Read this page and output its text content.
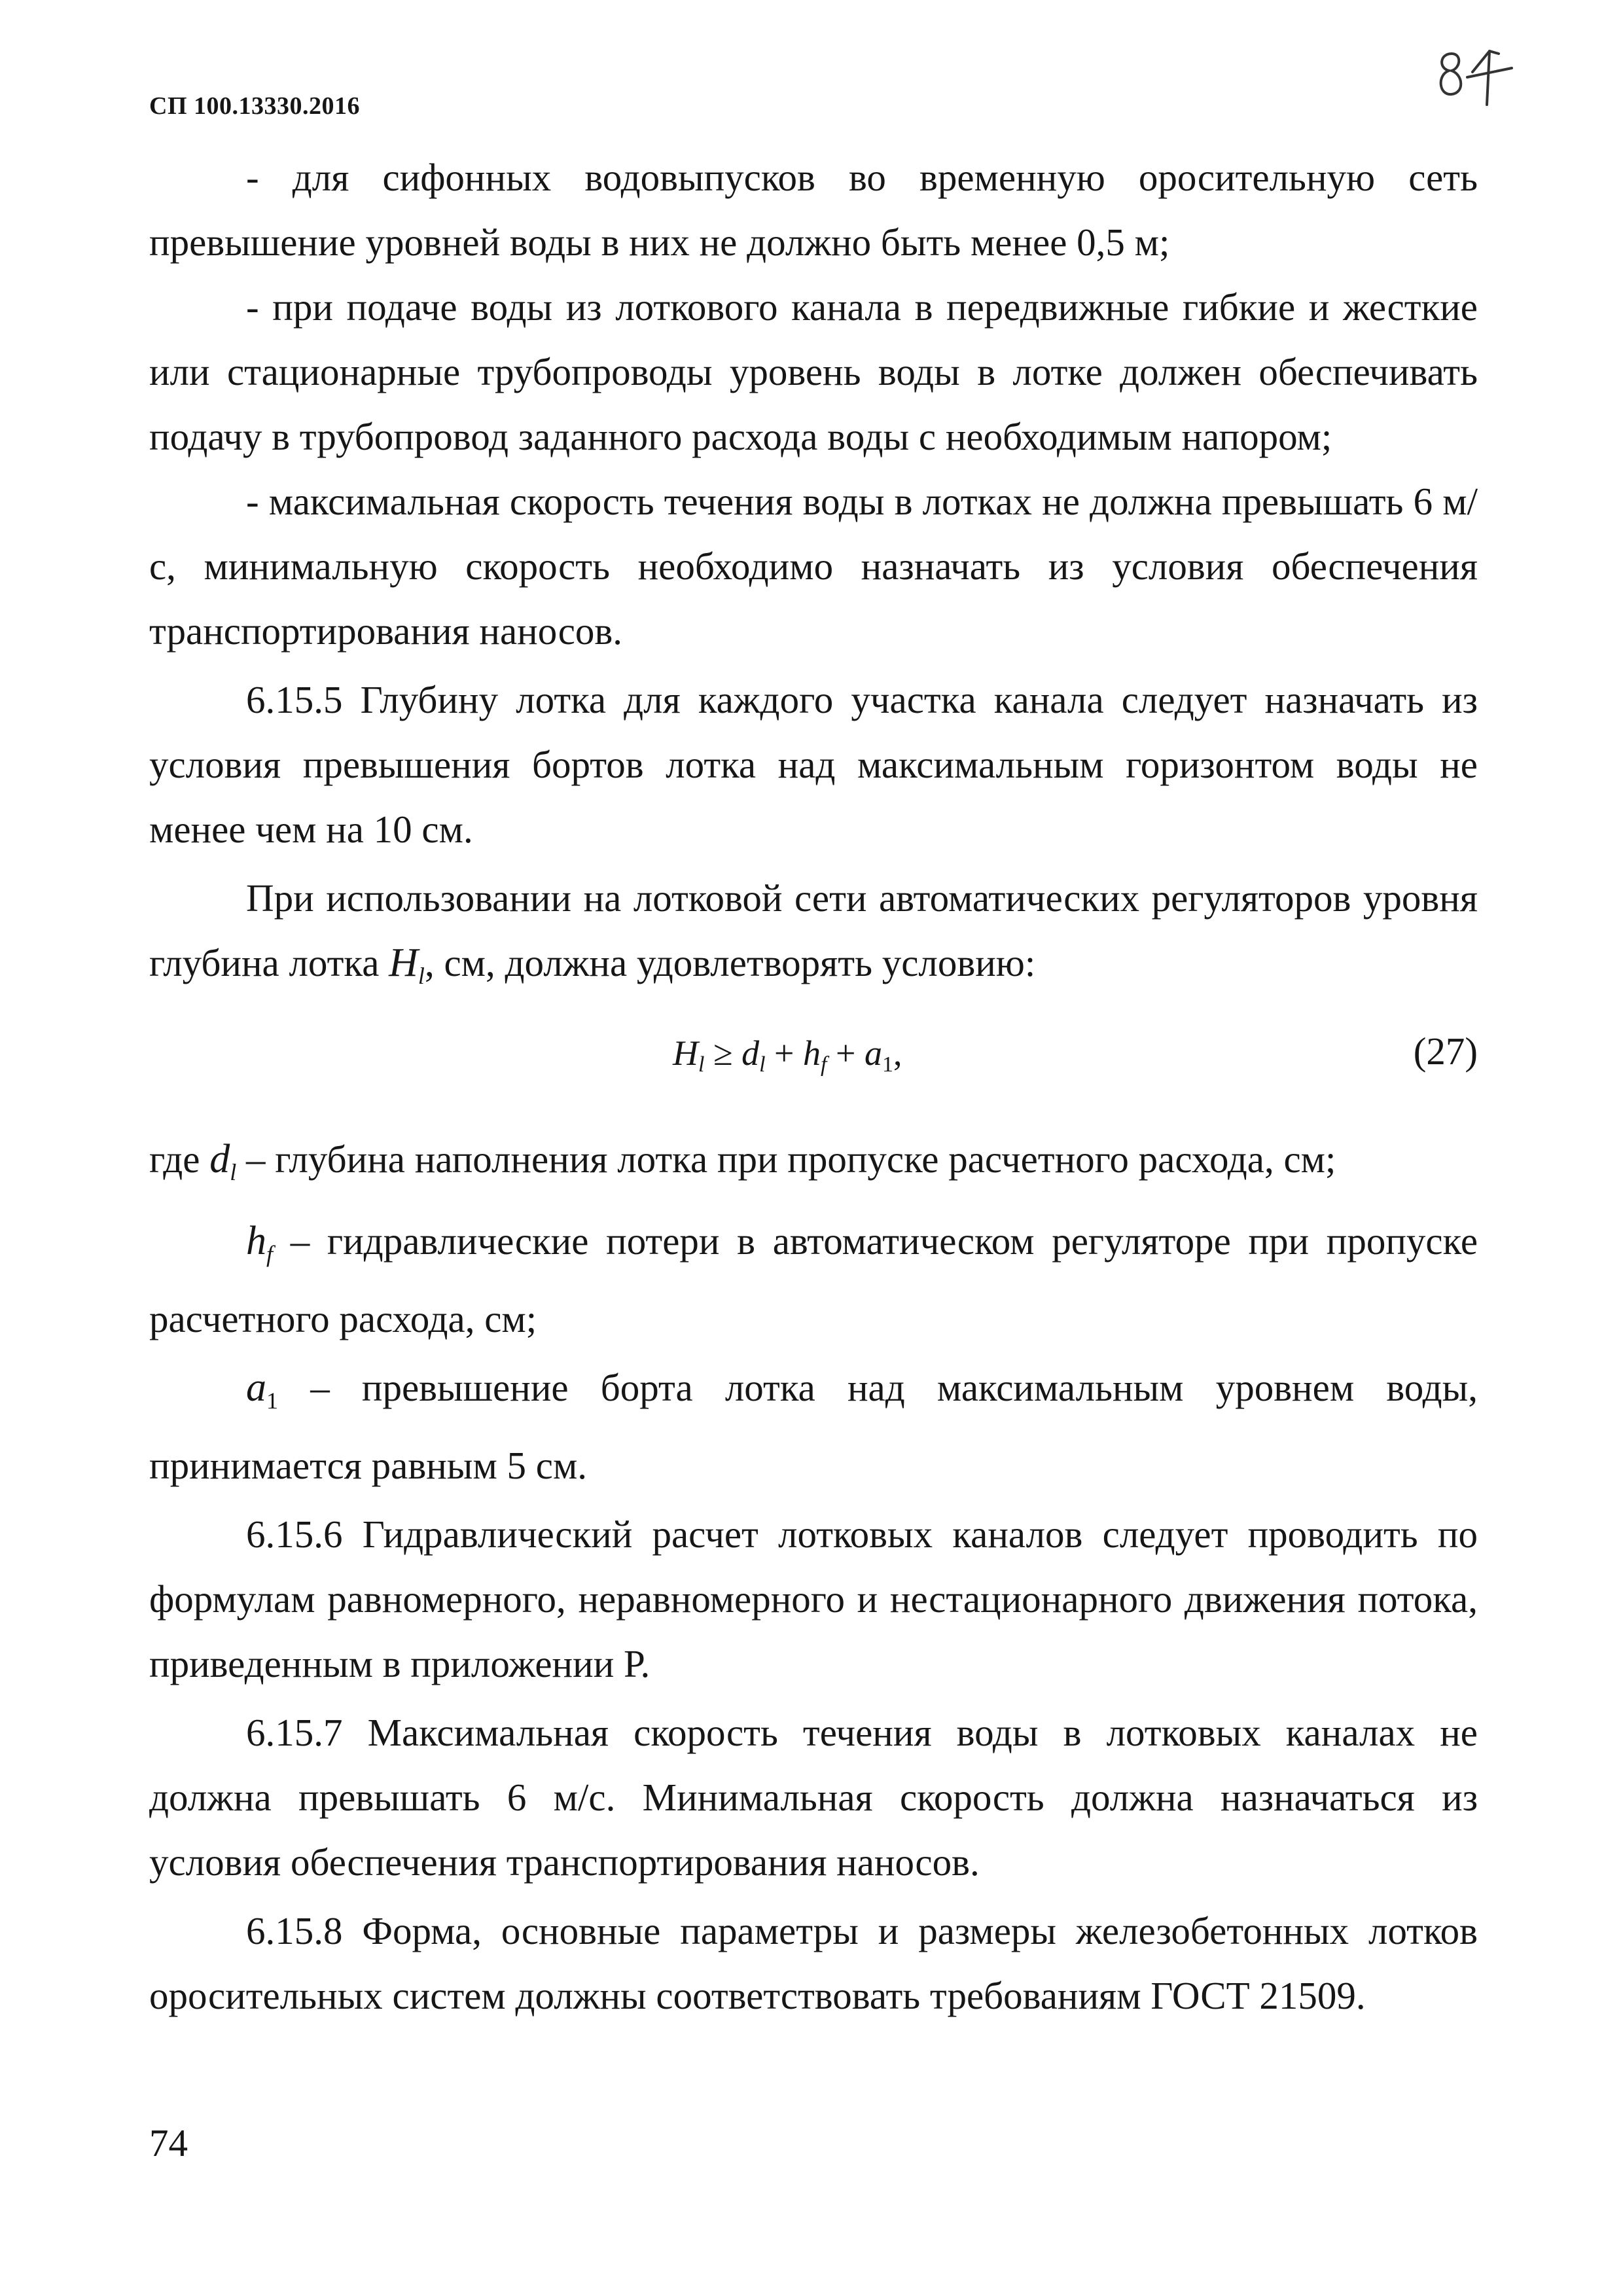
СП 100.13330.2016

- для сифонных водовыпусков во временную оросительную сеть превышение уровней воды в них не должно быть менее 0,5 м;

- при подаче воды из лоткового канала в передвижные гибкие и жесткие или стационарные трубопроводы уровень воды в лотке должен обеспечивать подачу в трубопровод заданного расхода воды с необходимым напором;

- максимальная скорость течения воды в лотках не должна превышать 6 м/с, минимальную скорость необходимо назначать из условия обеспечения транспортирования наносов.

6.15.5 Глубину лотка для каждого участка канала следует назначать из условия превышения бортов лотка над максимальным горизонтом воды не менее чем на 10 см.

При использовании на лотковой сети автоматических регуляторов уровня глубина лотка $H_l$, см, должна удовлетворять условию:

$H_l \ge d_l + h_f + a_1$,	(27)

где $d_l$ – глубина наполнения лотка при пропуске расчетного расхода, см;

$h_f$ – гидравлические потери в автоматическом регуляторе при пропуске расчетного расхода, см;

$a_1$ – превышение борта лотка над максимальным уровнем воды, принимается равным 5 см.

6.15.6 Гидравлический расчет лотковых каналов следует проводить по формулам равномерного, неравномерного и нестационарного движения потока, приведенным в приложении Р.

6.15.7 Максимальная скорость течения воды в лотковых каналах не должна превышать 6 м/с. Минимальная скорость должна назначаться из условия обеспечения транспортирования наносов.

6.15.8 Форма, основные параметры и размеры железобетонных лотков оросительных систем должны соответствовать требованиям ГОСТ 21509.

74
